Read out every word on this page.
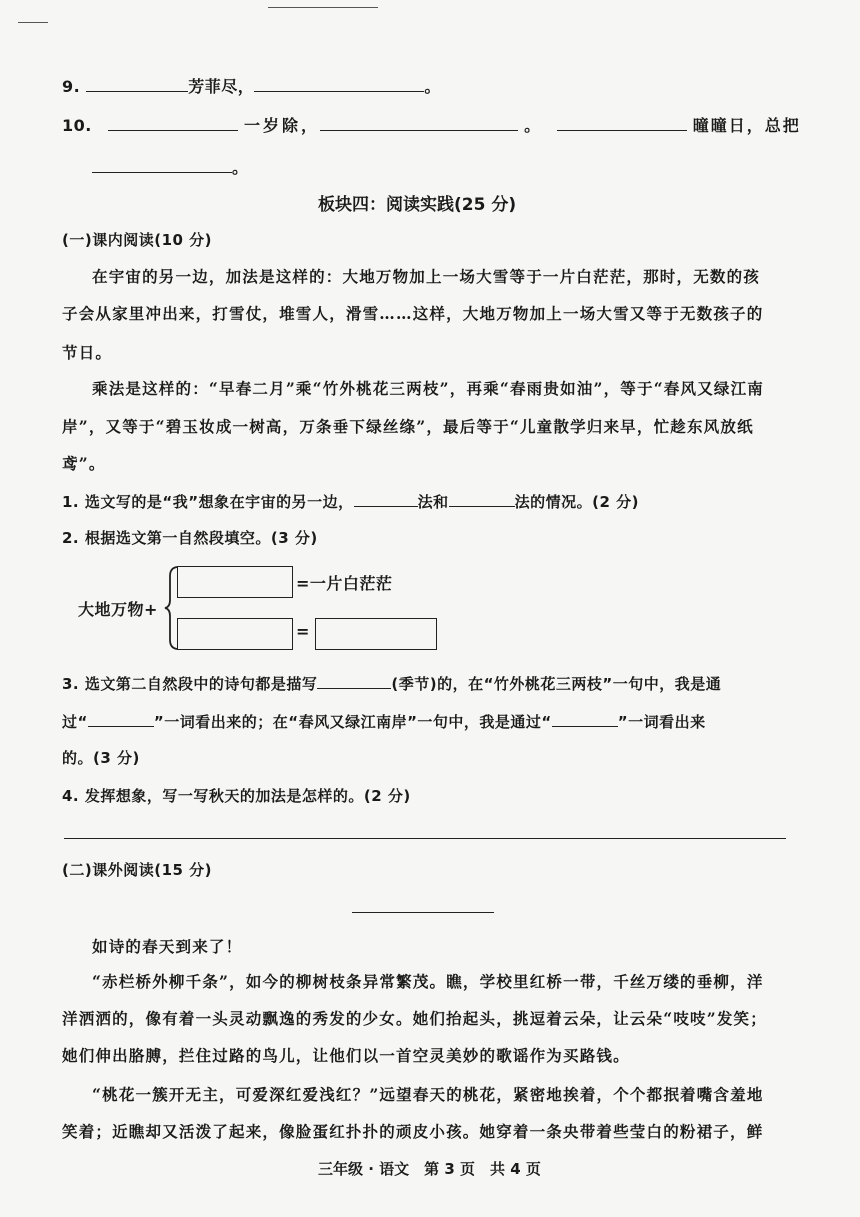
9.	芳菲尽，	。
10.	一岁除，	。	曈曈日，总把
。
板块四：阅读实践(25 分)
(一)课内阅读(10 分)
在宇宙的另一边，加法是这样的：大地万物加上一场大雪等于一片白茫茫，那时，无数的孩
子会从家里冲出来，打雪仗，堆雪人，滑雪……这样，大地万物加上一场大雪又等于无数孩子的
节日。
乘法是这样的：“早春二月”乘“竹外桃花三两枝”，再乘“春雨贵如油”，等于“春风又绿江南
岸”，又等于“碧玉妆成一树高，万条垂下绿丝绦”，最后等于“儿童散学归来早，忙趁东风放纸
鸢”。
1. 选文写的是“我”想象在宇宙的另一边，	法和	法的情况。(2 分)
2. 根据选文第一自然段填空。(3 分)
大地万物+
=一片白茫茫
=
3. 选文第二自然段中的诗句都是描写	(季节)的，在“竹外桃花三两枝”一句中，我是通
过“	”一词看出来的；在“春风又绿江南岸”一句中，我是通过“	”一词看出来
的。(3 分)
4. 发挥想象，写一写秋天的加法是怎样的。(2 分)
(二)课外阅读(15 分)
如诗的春天到来了！
“赤栏桥外柳千条”，如今的柳树枝条异常繁茂。瞧，学校里红桥一带，千丝万缕的垂柳，洋
洋洒洒的，像有着一头灵动飘逸的秀发的少女。她们抬起头，挑逗着云朵，让云朵“吱吱”发笑；
她们伸出胳膊，拦住过路的鸟儿，让他们以一首空灵美妙的歌谣作为买路钱。
“桃花一簇开无主，可爱深红爱浅红？”远望春天的桃花，紧密地挨着，个个都抿着嘴含羞地
笑着；近瞧却又活泼了起来，像脸蛋红扑扑的顽皮小孩。她穿着一条央带着些莹白的粉裙子，鲜
三年级 · 语文　第 3 页　共 4 页
